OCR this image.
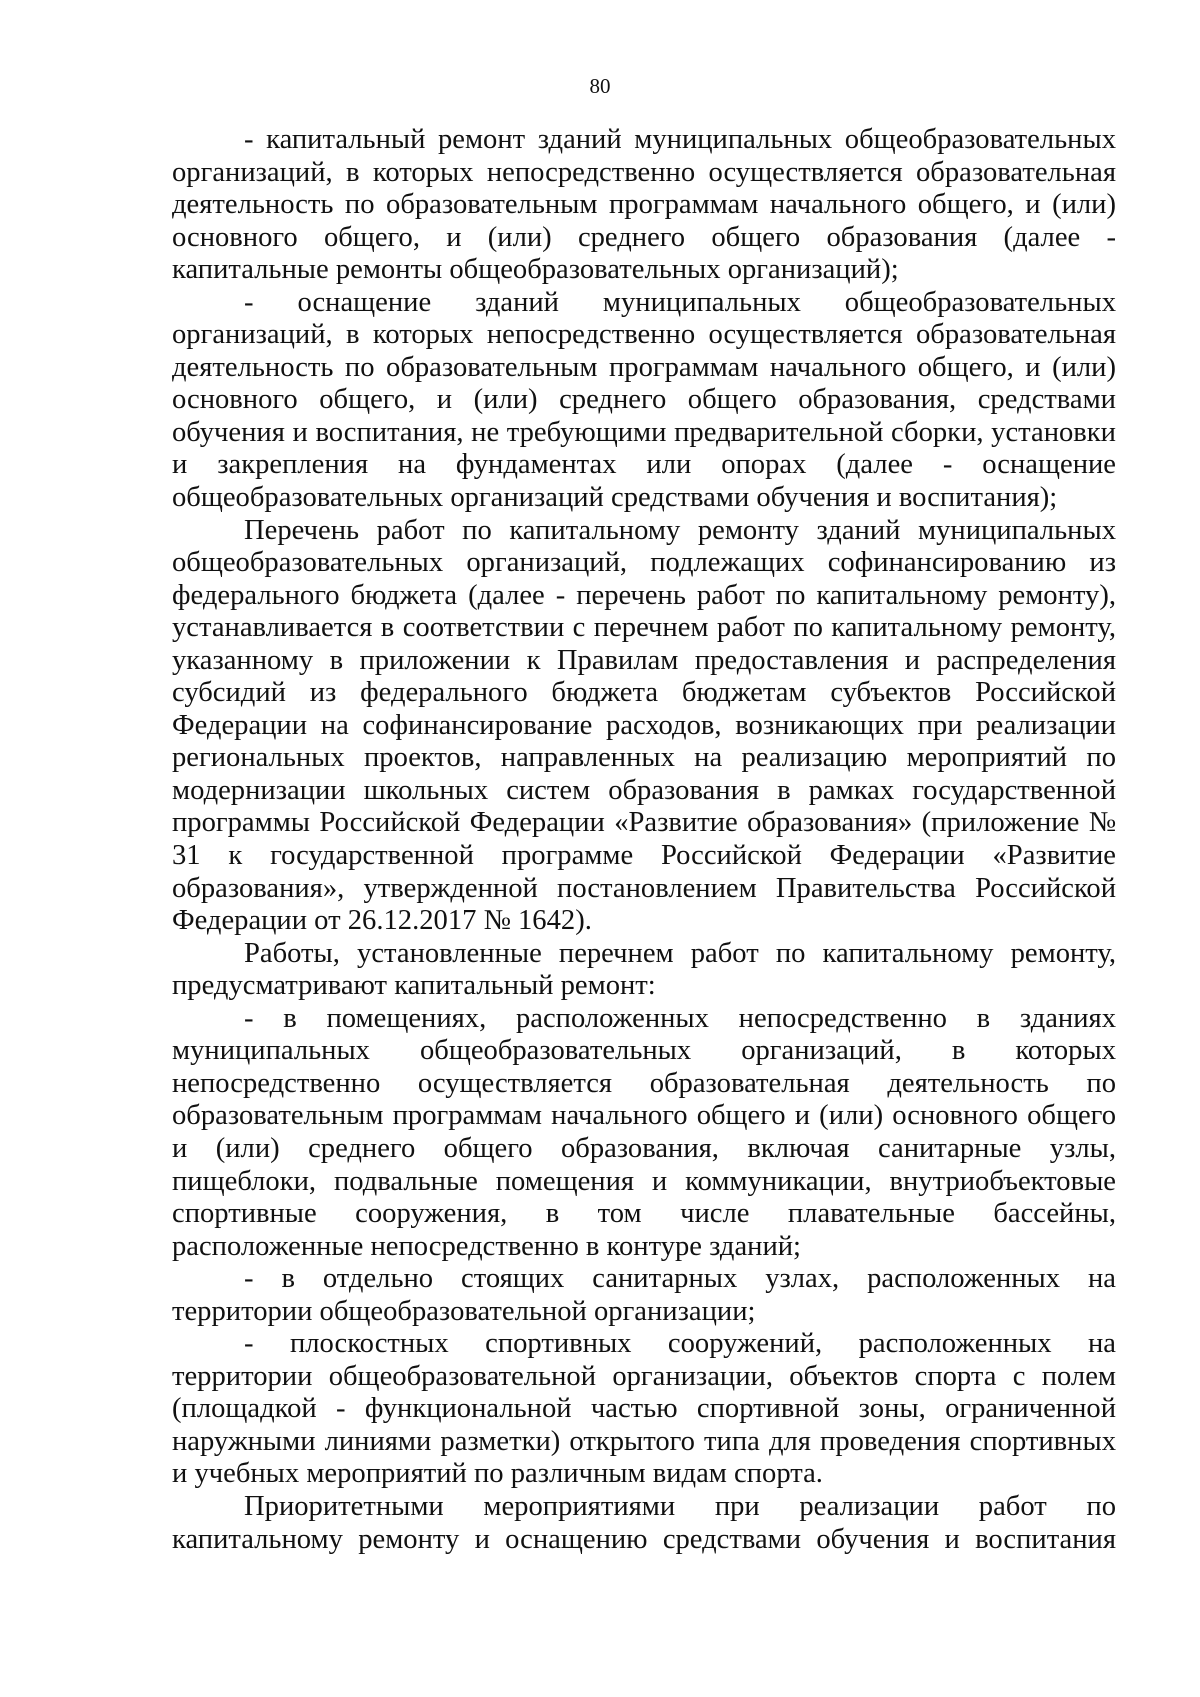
80

- капитальный ремонт зданий муниципальных общеобразовательных организаций, в которых непосредственно осуществляется образовательная деятельность по образовательным программам начального общего, и (или) основного общего, и (или) среднего общего образования (далее - капитальные ремонты общеобразовательных организаций);

- оснащение зданий муниципальных общеобразовательных организаций, в которых непосредственно осуществляется образовательная деятельность по образовательным программам начального общего, и (или) основного общего, и (или) среднего общего образования, средствами обучения и воспитания, не требующими предварительной сборки, установки и закрепления на фундаментах или опорах (далее - оснащение общеобразовательных организаций средствами обучения и воспитания);

Перечень работ по капитальному ремонту зданий муниципальных общеобразовательных организаций, подлежащих софинансированию из федерального бюджета (далее - перечень работ по капитальному ремонту), устанавливается в соответствии с перечнем работ по капитальному ремонту, указанному в приложении к Правилам предоставления и распределения субсидий из федерального бюджета бюджетам субъектов Российской Федерации на софинансирование расходов, возникающих при реализации региональных проектов, направленных на реализацию мероприятий по модернизации школьных систем образования в рамках государственной программы Российской Федерации «Развитие образования» (приложение № 31 к государственной программе Российской Федерации «Развитие образования», утвержденной постановлением Правительства Российской Федерации от 26.12.2017 № 1642).

Работы, установленные перечнем работ по капитальному ремонту, предусматривают капитальный ремонт:

- в помещениях, расположенных непосредственно в зданиях муниципальных общеобразовательных организаций, в которых непосредственно осуществляется образовательная деятельность по образовательным программам начального общего и (или) основного общего и (или) среднего общего образования, включая санитарные узлы, пищеблоки, подвальные помещения и коммуникации, внутриобъектовые спортивные сооружения, в том числе плавательные бассейны, расположенные непосредственно в контуре зданий;

- в отдельно стоящих санитарных узлах, расположенных на территории общеобразовательной организации;

- плоскостных спортивных сооружений, расположенных на территории общеобразовательной организации, объектов спорта с полем (площадкой - функциональной частью спортивной зоны, ограниченной наружными линиями разметки) открытого типа для проведения спортивных и учебных мероприятий по различным видам спорта.

Приоритетными мероприятиями при реализации работ по капитальному ремонту и оснащению средствами обучения и воспитания
